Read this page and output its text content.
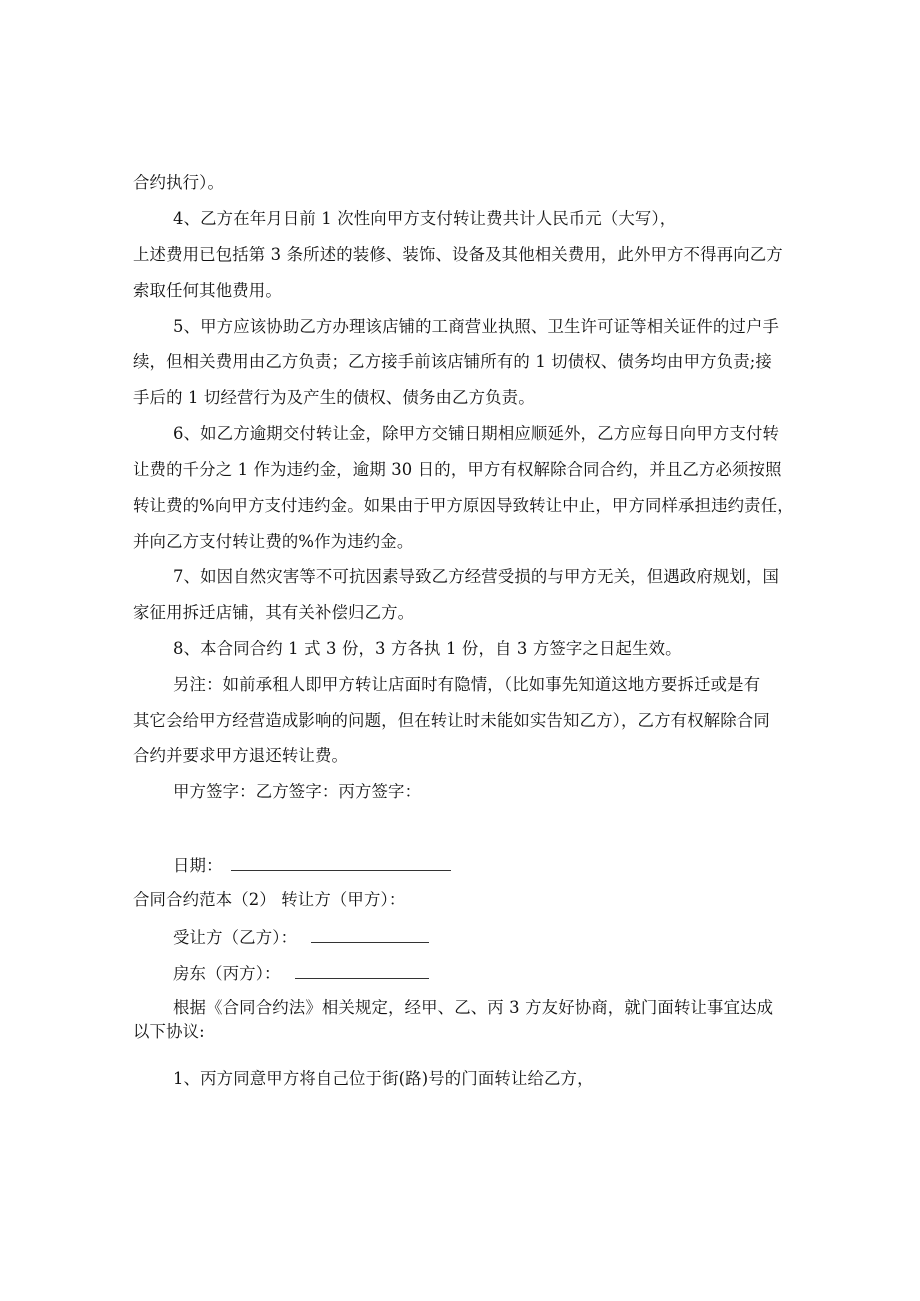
合约执行）。
4、乙方在年月日前 1 次性向甲方支付转让费共计人民币元（大写），
上述费用已包括第 3 条所述的装修、装饰、设备及其他相关费用，此外甲方不得再向乙方
索取任何其他费用。
5、甲方应该协助乙方办理该店铺的工商营业执照、卫生许可证等相关证件的过户手
续，但相关费用由乙方负责；乙方接手前该店铺所有的 1 切债权、债务均由甲方负责;接
手后的 1 切经营行为及产生的债权、债务由乙方负责。
6、如乙方逾期交付转让金，除甲方交铺日期相应顺延外，乙方应每日向甲方支付转
让费的千分之 1 作为违约金，逾期 30 日的，甲方有权解除合同合约，并且乙方必须按照
转让费的%向甲方支付违约金。如果由于甲方原因导致转让中止，甲方同样承担违约责任，
并向乙方支付转让费的%作为违约金。
7、如因自然灾害等不可抗因素导致乙方经营受损的与甲方无关，但遇政府规划，国
家征用拆迁店铺，其有关补偿归乙方。
8、本合同合约 1 式 3 份，3 方各执 1 份，自 3 方签字之日起生效。
另注：如前承租人即甲方转让店面时有隐情，（比如事先知道这地方要拆迁或是有
其它会给甲方经营造成影响的问题，但在转让时未能如实告知乙方），乙方有权解除合同
合约并要求甲方退还转让费。
甲方签字：乙方签字：丙方签字：
日期：
合同合约范本（2） 转让方（甲方）：
受让方（乙方）：
房东（丙方）：
根据《合同合约法》相关规定，经甲、乙、丙 3 方友好协商，就门面转让事宜达成
以下协议:
1、丙方同意甲方将自己位于街(路)号的门面转让给乙方，
